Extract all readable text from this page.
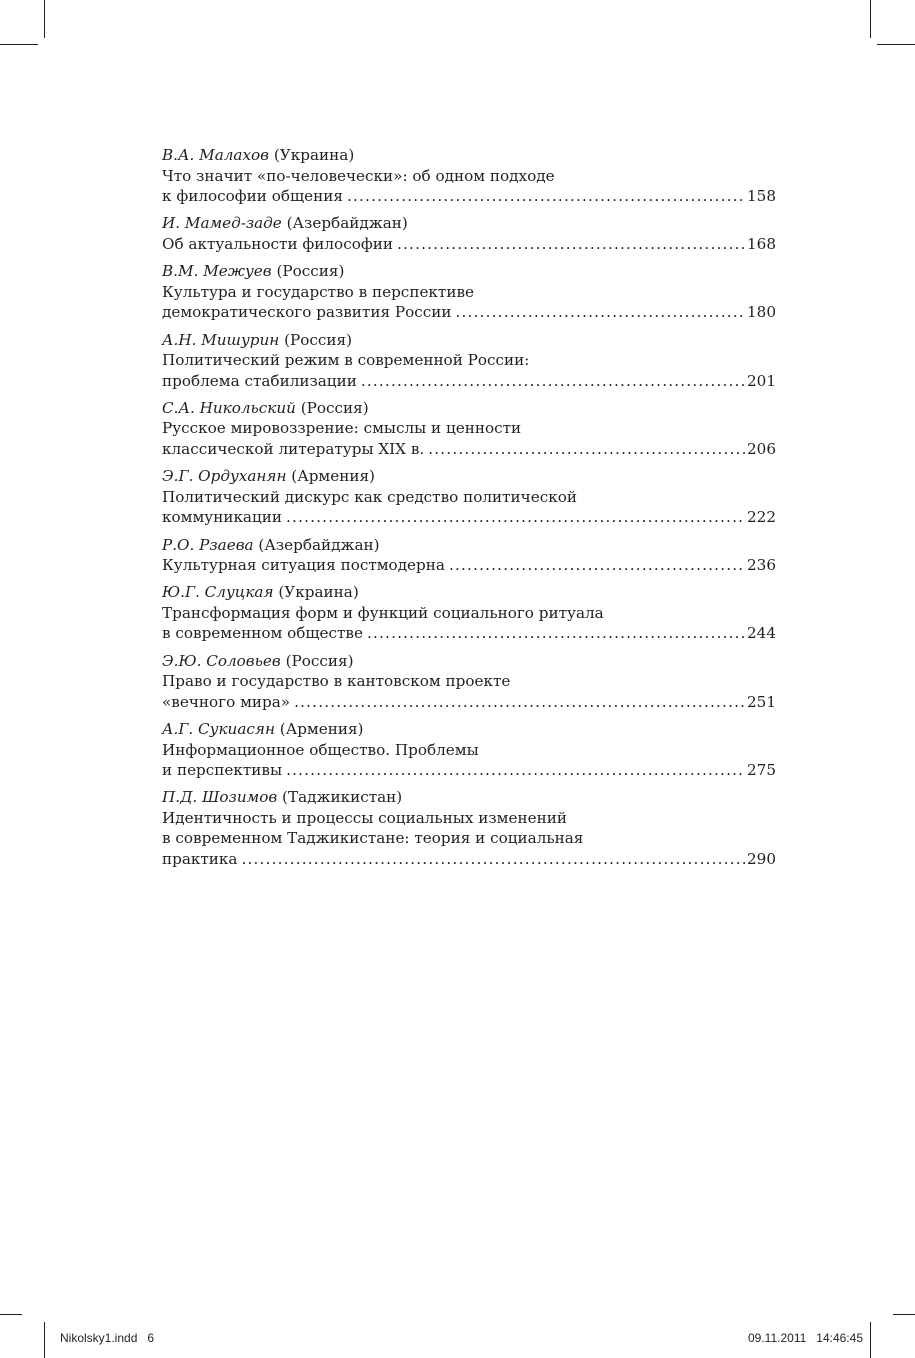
В.А. Малахов (Украина)
Что значит «по-человечески»: об одном подходе
к философии общения .....	158
И. Мамед-заде (Азербайджан)
Об актуальности философии .....	168
В.М. Межуев (Россия)
Культура и государство в перспективе
демократического развития России .....	180
А.Н. Мишурин (Россия)
Политический режим в современной России:
проблема стабилизации .....	201
С.А. Никольский (Россия)
Русское мировоззрение: смыслы и ценности
классической литературы XIX в. .....	206
Э.Г. Ордуханян (Армения)
Политический дискурс как средство политической
коммуникации .....	222
Р.О. Рзаева (Азербайджан)
Культурная ситуация постмодерна .....	236
Ю.Г. Слуцкая (Украина)
Трансформация форм и функций социального ритуала
в современном обществе .....	244
Э.Ю. Соловьев (Россия)
Право и государство в кантовском проекте
«вечного мира» .....	251
А.Г. Сукиасян (Армения)
Информационное общество. Проблемы
и перспективы .....	275
П.Д. Шозимов (Таджикистан)
Идентичность и процессы социальных изменений
в современном Таджикистане: теория и социальная
практика .....	290
Nikolsky1.indd   6	09.11.2011   14:46:45
